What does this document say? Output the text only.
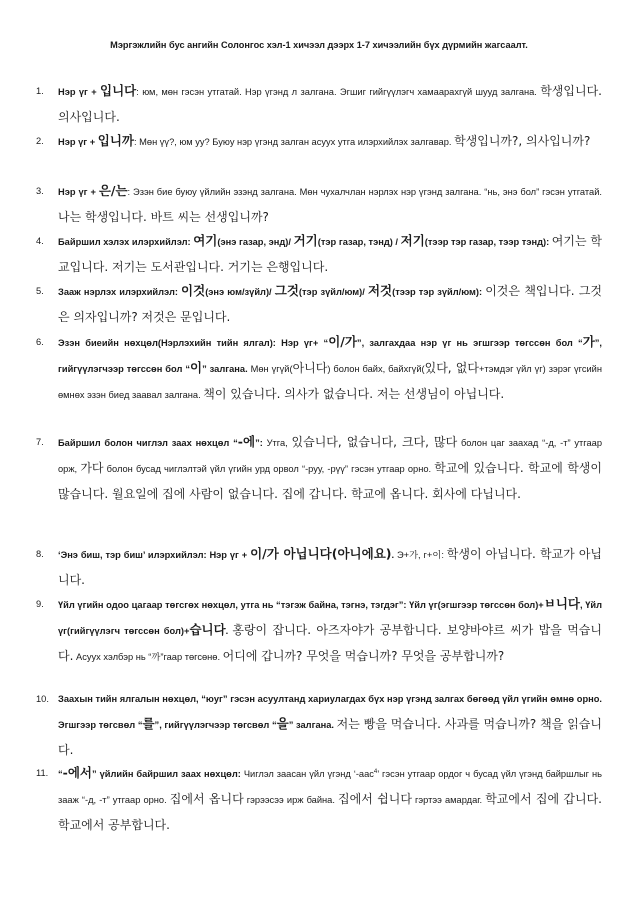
Мэргэжлийн бус ангийн Солонгос хэл-1 хичээл дээрх 1-7 хичээлийн бүх дүрмийн жагсаалт.
1. Нэр үг + 입니다: юм, мөн гэсэн утгатай. Нэр үгэнд л залгана. Эгшиг гийгүүлэгч хамаарахгүй шууд залгана. 학생입니다. 의사입니다.
2. Нэр үг + 입니까: Мөн үү?, юм уу? Буюу нэр үгэнд залган асуух утга илэрхийлэх залгавар. 학생입니까?, 의사입니까?
3. Нэр үг + 은/는: Эзэн бие буюу үйлийн эзэнд залгана. Мөн чухалчлан нэрлэх нэр үгэнд залгана. “нь, энэ бол” гэсэн утгатай. 나는 학생입니다. 바트 씨는 선생입니까?
4. Байршил хэлэх илэрхийлэл: 여기(энэ газар, энд)/ 거기(тэр газар, тэнд) / 저기(тээр тэр газар, тээр тэнд): 여기는 학교입니다. 저기는 도서관입니다. 거기는 은행입니다.
5. Зааж нэрлэх илэрхийлэл: 이것(энэ юм/зүйл)/ 그것(тэр зүйл/юм)/ 저것(тээр тэр зүйл/юм): 이것은 책입니다. 그것은 의자입니까? 저것은 문입니다.
6. Эзэн биеийн нөхцөл(Нэрлэхийн тийн ялгал): Нэр үг+ “이/가”, залгахдаа нэр үг нь эгшгээр төгссөн бол “가”, гийгүүлэгчээр төгссөн бол “이” залгана. Мөн үгүй(아니다) болон байх, байхгүй(있다, 없다+тэмдэг үйл үг) зэрэг үгсийн өмнөх эзэн биед заавал залгана. 책이 있습니다. 의사가 없습니다. 저는 선생님이 아닙니다.
7. Байршил болон чиглэл заах нөхцөл “-에”: Утга, 있습니다, 없습니다, 크다, 많다 болон цаг заахад “-д, -т” утгаар орж, 가다 болон бусад чиглэлтэй үйл үгийн урд орвол “-руу, -рүү” гэсэн утгаар орно. 학교에 있습니다. 학교에 학생이 많습니다. 월요일에 집에 사람이 없습니다. 집에 갑니다. 학교에 옵니다. 회사에 다닙니다.
8. ‘Энэ биш, тэр биш’ илэрхийлэл: Нэр үг + 이/가 아닙니다(아니에요). Э+가, г+이: 학생이 아닙니다. 학교가 아닙니다.
9. Үйл үгийн одоо цагаар төгсгөх нөхцөл, утга нь “тэгэж байна, тэгнэ, тэгдэг”: Үйл үг(эгшгээр төгссөн бол)+ㅂ니다, Үйл үг(гийгүүлэгч төгссөн бол)+습니다. 홍랑이 잡니다. 아즈자야가 공부합니다. 보양바야르 씨가 밥을 먹습니다. Асуух хэлбэр нь “까”гаар төгсөнө. 어디에 갑니까? 무엇을 먹습니까? 무엇을 공부합니까?
10. Заахын тийн ялгалын нөхцөл, “юуг” гэсэн асуултанд хариулагдах бүх нэр үгэнд залгах бөгөөд үйл үгийн өмнө орно. Эгшгээр төгсвөл “를”, гийгүүлэгчээр төгсвөл “을” залгана. 저는 빵을 먹습니다. 사과를 먹습니까? 책을 읽습니다.
11. “-에서” үйлийн байршил заах нөхцөл: Чиглэл заасан үйл үгэнд ‘-аас$^4$’ гэсэн утгаар ордог ч бусад үйл үгэнд байршлыг нь зааж “-д, -т” утгаар орно. 집에서 옵니다 гэрээсээ ирж байна. 집에서 쉽니다 гэртээ амардаг. 학교에서 집에 갑니다. 학교에서 공부합니다.
